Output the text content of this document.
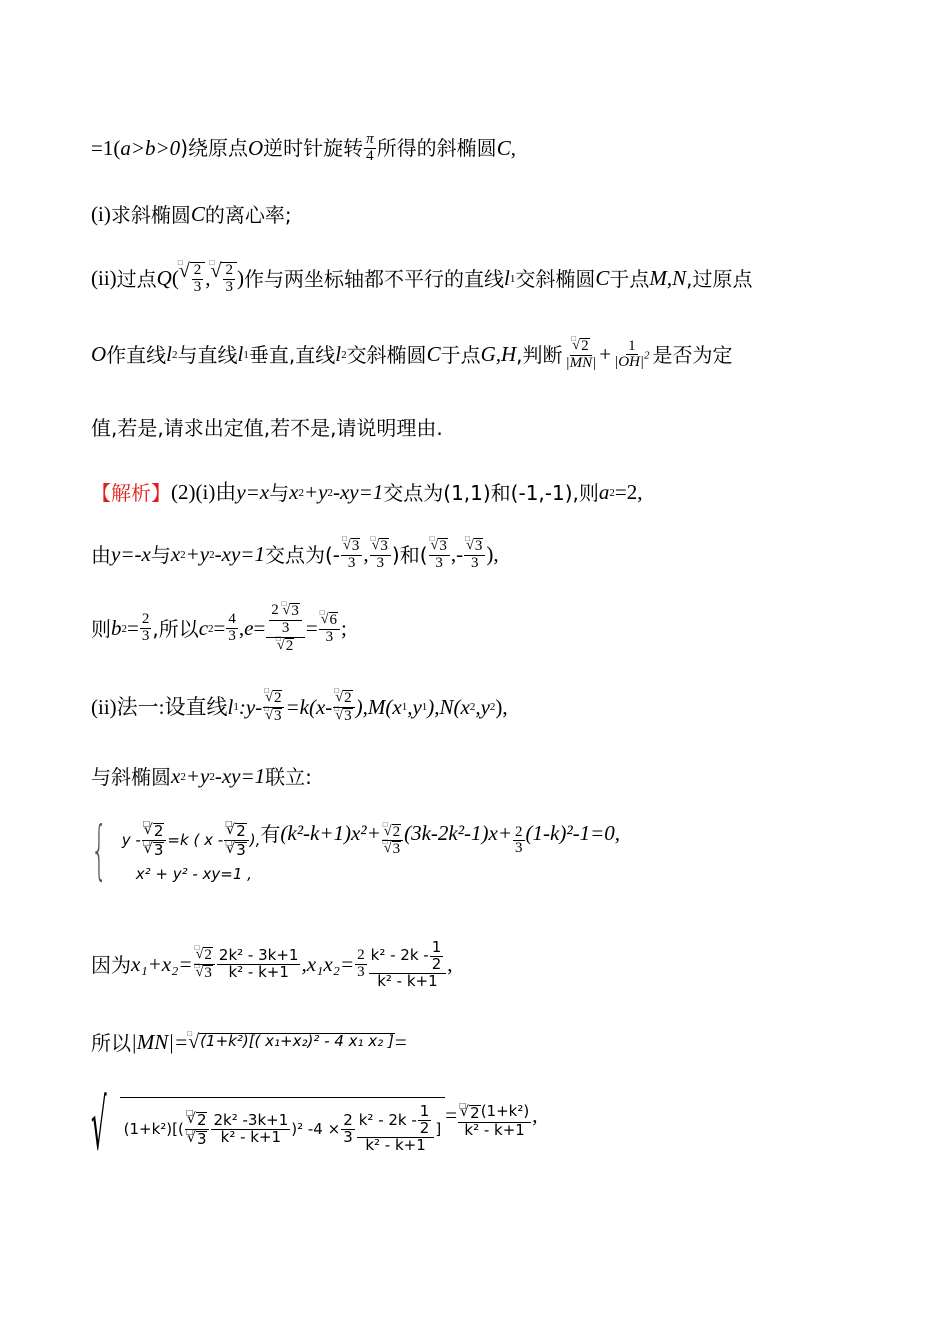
=1( a>b>0 )绕原点 O 逆时针旋转 $\frac{\pi}{4}$ 所得的斜椭圆 C ,
(i) 求斜椭圆 C 的离心率;
(ii) 过点 Q ( □ √ $\frac{2}{3}$ , □ √ $\frac{2}{3}$ ) 作与两坐标轴都不平行的直线 l 1 交斜椭圆 C 于点 M,N ,过原点
O 作直线 l 2 与直线 l 1 垂直,直线 l 2 交斜椭圆 C 于点 G,H ,判断 □ $\frac{√ 2}{|MN|} + \frac{1}{|OH|^2}$ 是否为定
值,若是,请求出定值,若不是,请说明理由.
【解析】 (2)(i)由 y=x 与 x 2 +y 2 -xy=1 交点为(1,1)和(-1,-1),则 a 2 =2,
由 y=-x 与 x 2 +y 2 -xy=1 交点为(- □ $\frac{√ 3}{3}$ , □ $\frac{√ 3}{3}$ )和( □ $\frac{√ 3}{3}$ ,- □ $\frac{√ 3}{3}$ ),
则 b $2 = \frac{2}{3}$ ,所以 c $2 = \frac{4}{3}$ , $e = \frac{2 □ √ 3}{3}$
□ √ 2 = □ $\frac{√ 6}{3}$ ;
(ii)法一:设直线 l 1 :y- □ √ 2
□ √ 3 =k(x- □ √ 2
□ √ 3 ),M(x 1 ,y 1 ),N(x 2 ,y 2 ),
与斜椭圆 x 2 +y 2 -xy=1 联立:
{ y - □ √ 2
□ √ 3 =k ( x - □ √ 2
□ √ 3 ),
x² + y² - xy=1 ,
有 (k²-k+1)x²+ □ √ 2
□ √ 3 $(3k-2k^2-1)x+ \frac{2}{3} (1-k)^2-1=0$,
因为 x₁+x₂= □ √ 2
□ √ $3 \frac{\text{2k² - 3k+1}}{\text{k² - k+1}} ,x_1x_2= \frac{2}{3} \frac{k^2 - 2k - \frac{1}{2}}{\text{k² - k+1}}$ ,
所以 |MN|= □ √ (1+k²)[( x₁+x₂)² - 4 x₁ x₂ ] =
√ (1+k²)[( □ √ 2
□ √ $3 \frac{\text{2k² -3k+1}}{\text{k² - k+1}} )^2$ $-4 \times \frac{2}{3} \frac{k^2 - 2k - \frac{1}{2}}{\text{k² - k+1}}$ ]
= □ $\frac{\text{√ 2 (1+k²)}}{\text{k² - k+1}}$ ,
